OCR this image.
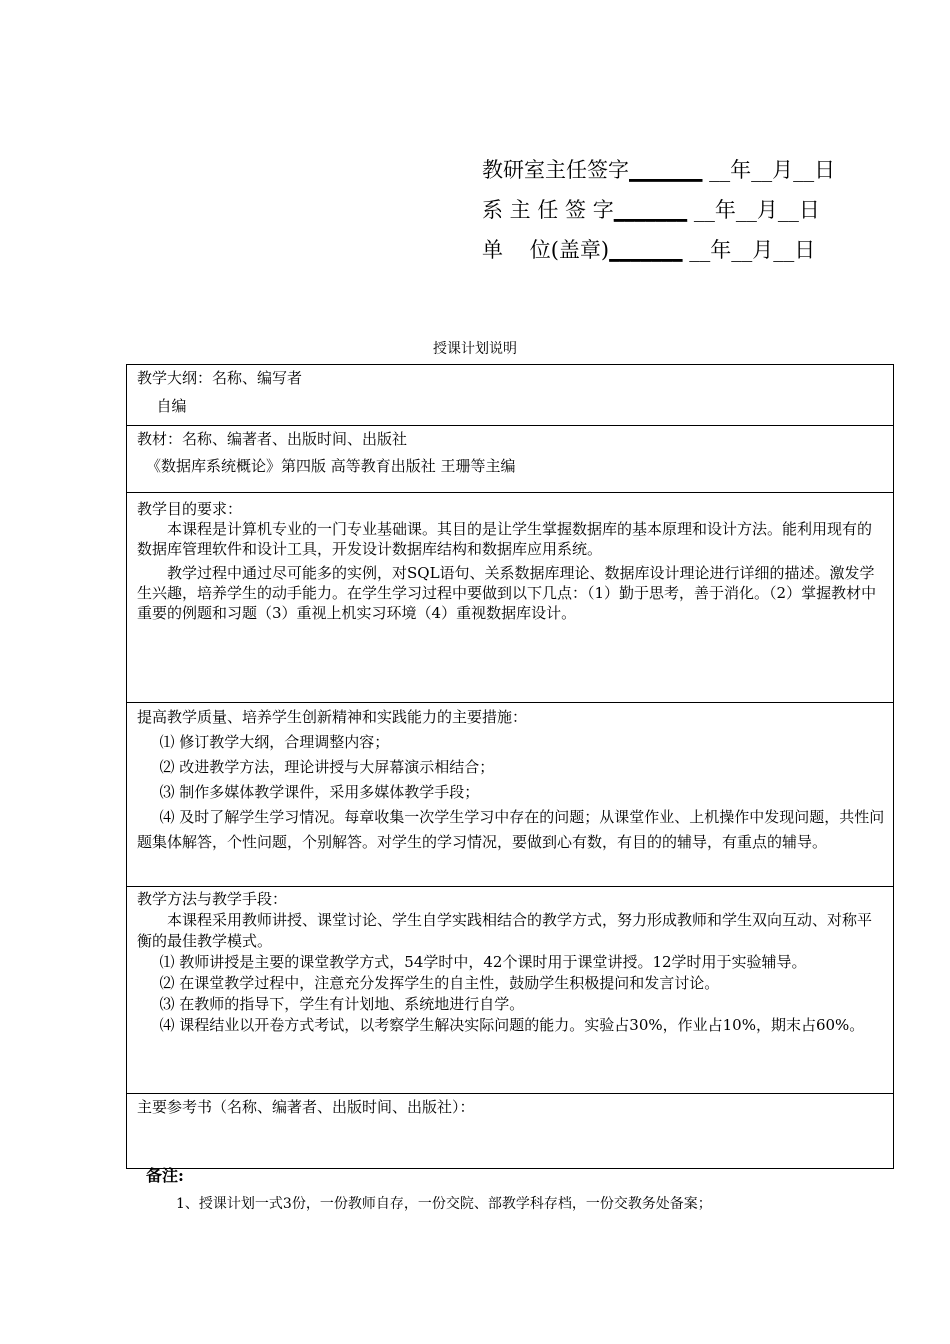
教研室主任签字_______ __年__月__日
系 主 任 签 字_______ __年__月__日
单    位(盖章)_______ __年__月__日
授课计划说明
教学大纲：名称、编写者
自编

教材：名称、编著者、出版时间、出版社
《数据库系统概论》第四版 高等教育出版社 王珊等主编

教学目的要求：
本课程是计算机专业的一门专业基础课。其目的是让学生掌握数据库的基本原理和设计方法。能利用现有的数据库管理软件和设计工具，开发设计数据库结构和数据库应用系统。
教学过程中通过尽可能多的实例，对SQL语句、关系数据库理论、数据库设计理论进行详细的描述。激发学生兴趣，培养学生的动手能力。在学生学习过程中要做到以下几点：（1）勤于思考，善于消化。（2）掌握教材中重要的例题和习题（3）重视上机实习环境（4）重视数据库设计。

提高教学质量、培养学生创新精神和实践能力的主要措施：
⑴ 修订教学大纲，合理调整内容；
⑵ 改进教学方法，理论讲授与大屏幕演示相结合；
⑶ 制作多媒体教学课件，采用多媒体教学手段；
⑷ 及时了解学生学习情况。每章收集一次学生学习中存在的问题；从课堂作业、上机操作中发现问题，共性问题集体解答，个性问题，个别解答。对学生的学习情况，要做到心有数，有目的的辅导，有重点的辅导。

教学方法与教学手段：
本课程采用教师讲授、课堂讨论、学生自学实践相结合的教学方式，努力形成教师和学生双向互动、对称平衡的最佳教学模式。
⑴ 教师讲授是主要的课堂教学方式，54学时中，42个课时用于课堂讲授。12学时用于实验辅导。
⑵ 在课堂教学过程中，注意充分发挥学生的自主性，鼓励学生积极提问和发言讨论。
⑶ 在教师的指导下，学生有计划地、系统地进行自学。
⑷ 课程结业以开卷方式考试，以考察学生解决实际问题的能力。实验占30%，作业占10%，期末占60%。

主要参考书（名称、编著者、出版时间、出版社）：
备注:
1、授课计划一式3份，一份教师自存，一份交院、部教学科存档，一份交教务处备案；
